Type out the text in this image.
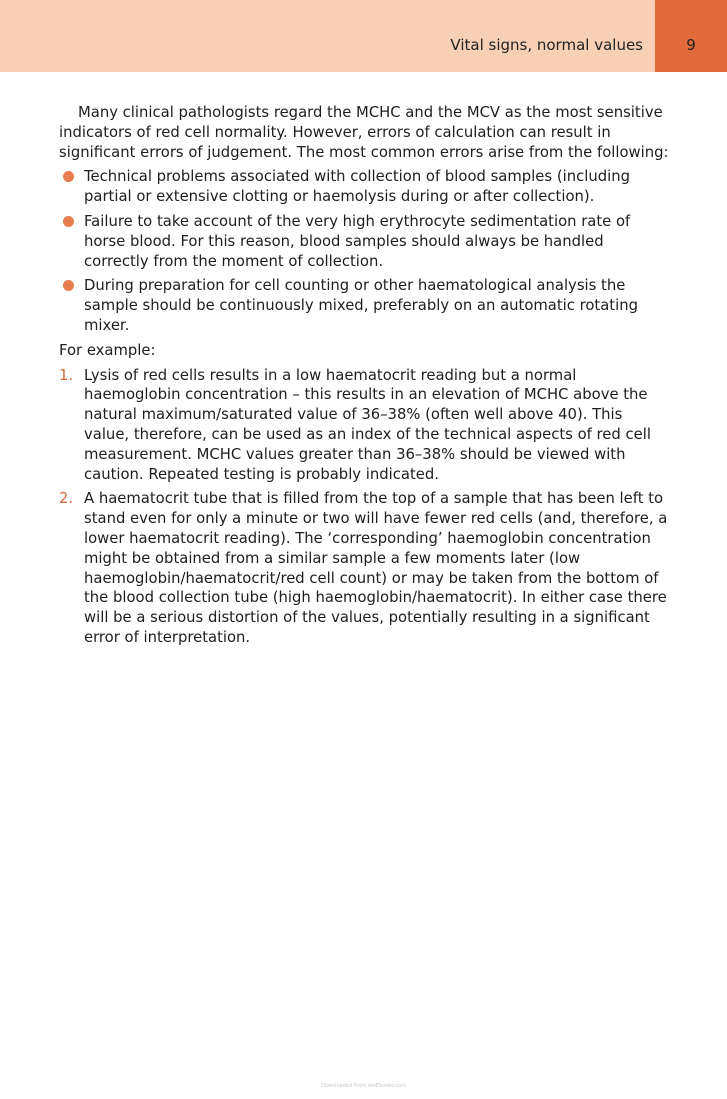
Vital signs, normal values	9

Many clinical pathologists regard the MCHC and the MCV as the most sensitive indicators of red cell normality. However, errors of calculation can result in significant errors of judgement. The most common errors arise from the following:

Technical problems associated with collection of blood samples (including partial or extensive clotting or haemolysis during or after collection).
Failure to take account of the very high erythrocyte sedimentation rate of horse blood. For this reason, blood samples should always be handled correctly from the moment of collection.
During preparation for cell counting or other haematological analysis the sample should be continuously mixed, preferably on an automatic rotating mixer.

For example:

1. Lysis of red cells results in a low haematocrit reading but a normal haemoglobin concentration – this results in an elevation of MCHC above the natural maximum/saturated value of 36–38% (often well above 40). This value, therefore, can be used as an index of the technical aspects of red cell measurement. MCHC values greater than 36–38% should be viewed with caution. Repeated testing is probably indicated.
2. A haematocrit tube that is filled from the top of a sample that has been left to stand even for only a minute or two will have fewer red cells (and, therefore, a lower haematocrit reading). The ‘corresponding’ haemoglobin concentration might be obtained from a similar sample a few moments later (low haemoglobin/haematocrit/red cell count) or may be taken from the bottom of the blood collection tube (high haemoglobin/haematocrit). In either case there will be a serious distortion of the values, potentially resulting in a significant error of interpretation.
Downloaded From VetEbooks.com
